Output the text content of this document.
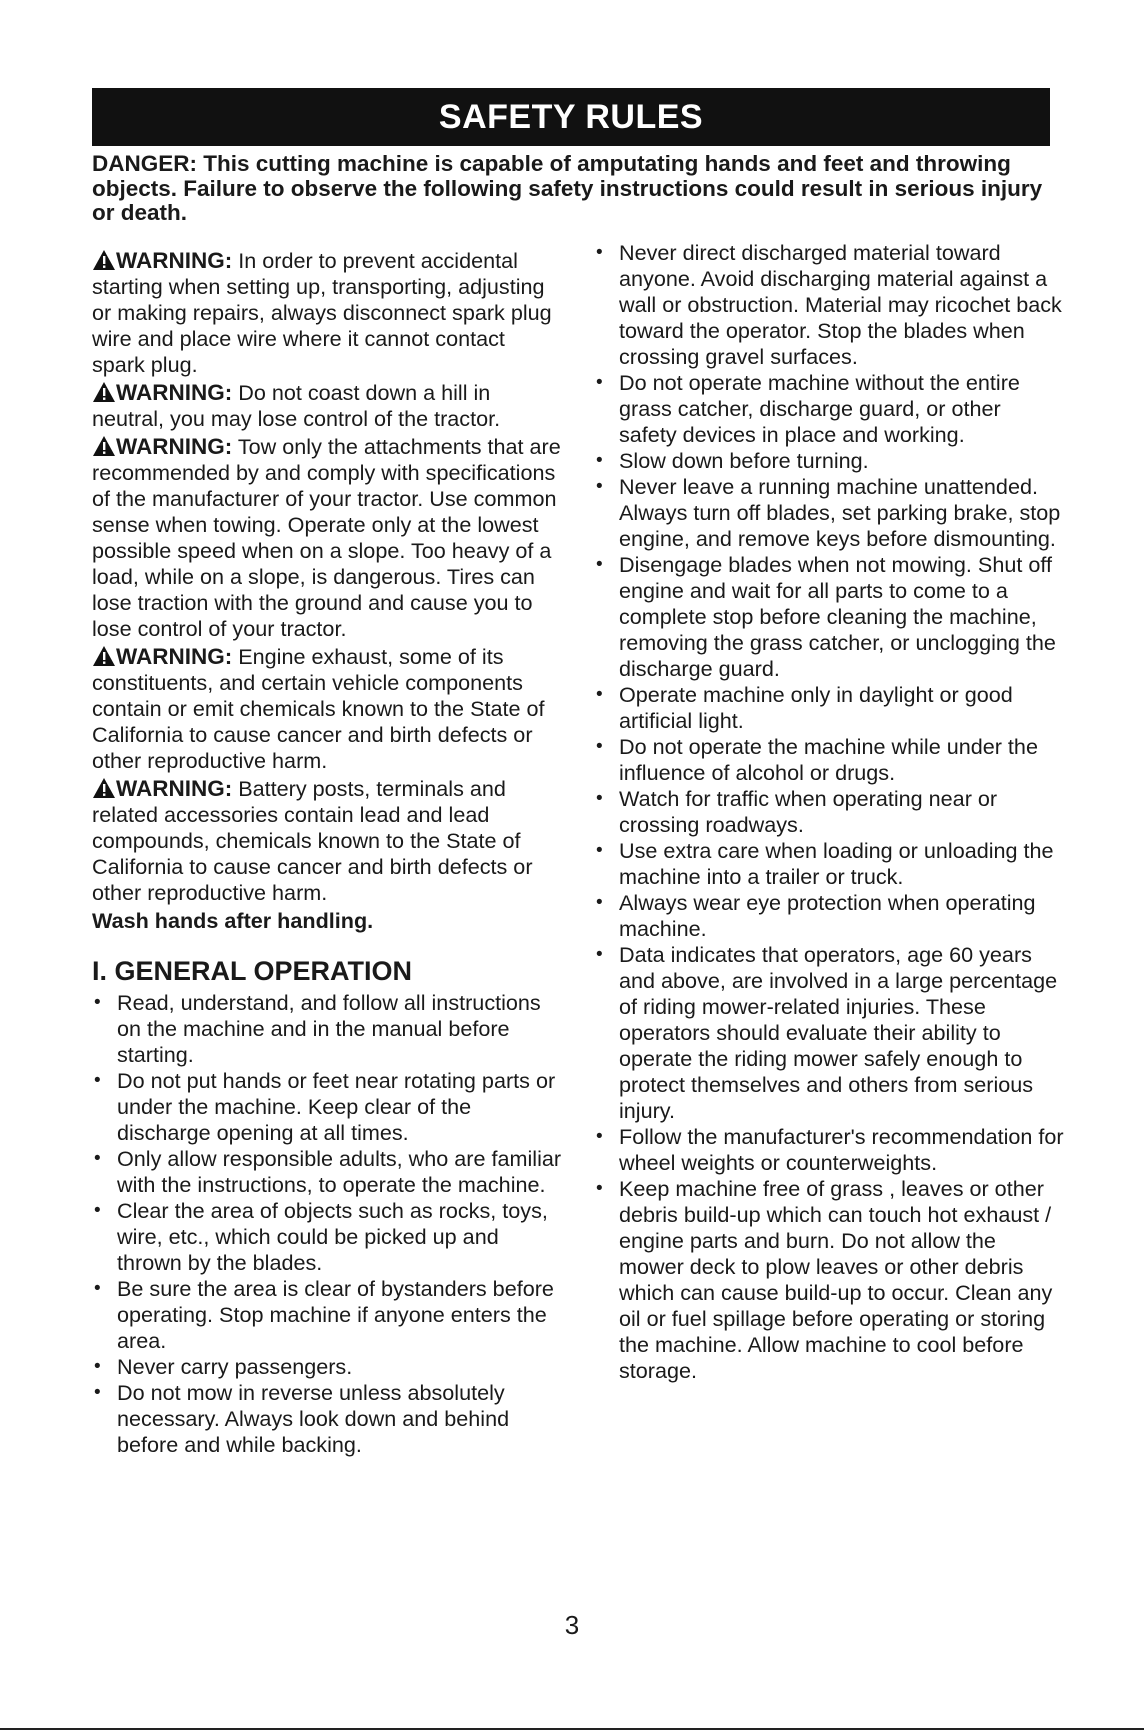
SAFETY RULES
DANGER: This cutting machine is capable of amputating hands and feet and throwing objects. Failure to observe the following safety instructions could result in serious injury or death.
WARNING: In order to prevent accidental starting when setting up, transporting, adjusting or making repairs, always disconnect spark plug wire and place wire where it cannot contact spark plug.
WARNING: Do not coast down a hill in neutral, you may lose control of the tractor.
WARNING: Tow only the attachments that are recommended by and comply with specifications of the manufacturer of your tractor. Use common sense when towing. Operate only at the lowest possible speed when on a slope. Too heavy of a load, while on a slope, is dangerous. Tires can lose traction with the ground and cause you to lose control of your tractor.
WARNING: Engine exhaust, some of its constituents, and certain vehicle components contain or emit chemicals known to the State of California to cause cancer and birth defects or other reproductive harm.
WARNING: Battery posts, terminals and related accessories contain lead and lead compounds, chemicals known to the State of California to cause cancer and birth defects or other reproductive harm.
Wash hands after handling.
I. GENERAL OPERATION
• Read, understand, and follow all instructions on the machine and in the manual before starting.
• Do not put hands or feet near rotating parts or under the machine. Keep clear of the discharge opening at all times.
• Only allow responsible adults, who are familiar with the instructions, to operate the machine.
• Clear the area of objects such as rocks, toys, wire, etc., which could be picked up and thrown by the blades.
• Be sure the area is clear of bystanders before operating. Stop machine if anyone enters the area.
• Never carry passengers.
• Do not mow in reverse unless absolutely necessary. Always look down and behind before and while backing.
• Never direct discharged material toward anyone. Avoid discharging material against a wall or obstruction. Material may ricochet back toward the operator. Stop the blades when crossing gravel surfaces.
• Do not operate machine without the entire grass catcher, discharge guard, or other safety devices in place and working.
• Slow down before turning.
• Never leave a running machine unattended. Always turn off blades, set parking brake, stop engine, and remove keys before dismounting.
• Disengage blades when not mowing. Shut off engine and wait for all parts to come to a complete stop before cleaning the machine, removing the grass catcher, or unclogging the discharge guard.
• Operate machine only in daylight or good artificial light.
• Do not operate the machine while under the influence of alcohol or drugs.
• Watch for traffic when operating near or crossing roadways.
• Use extra care when loading or unloading the machine into a trailer or truck.
• Always wear eye protection when operating machine.
• Data indicates that operators, age 60 years and above, are involved in a large percentage of riding mower-related injuries. These operators should evaluate their ability to operate the riding mower safely enough to protect themselves and others from serious injury.
• Follow the manufacturer's recommendation for wheel weights or counterweights.
• Keep machine free of grass , leaves or other debris build-up which can touch hot exhaust / engine parts and burn. Do not allow the mower deck to plow leaves or other debris which can cause build-up to occur. Clean any oil or fuel spillage before operating or storing the machine. Allow machine to cool before storage.
3
